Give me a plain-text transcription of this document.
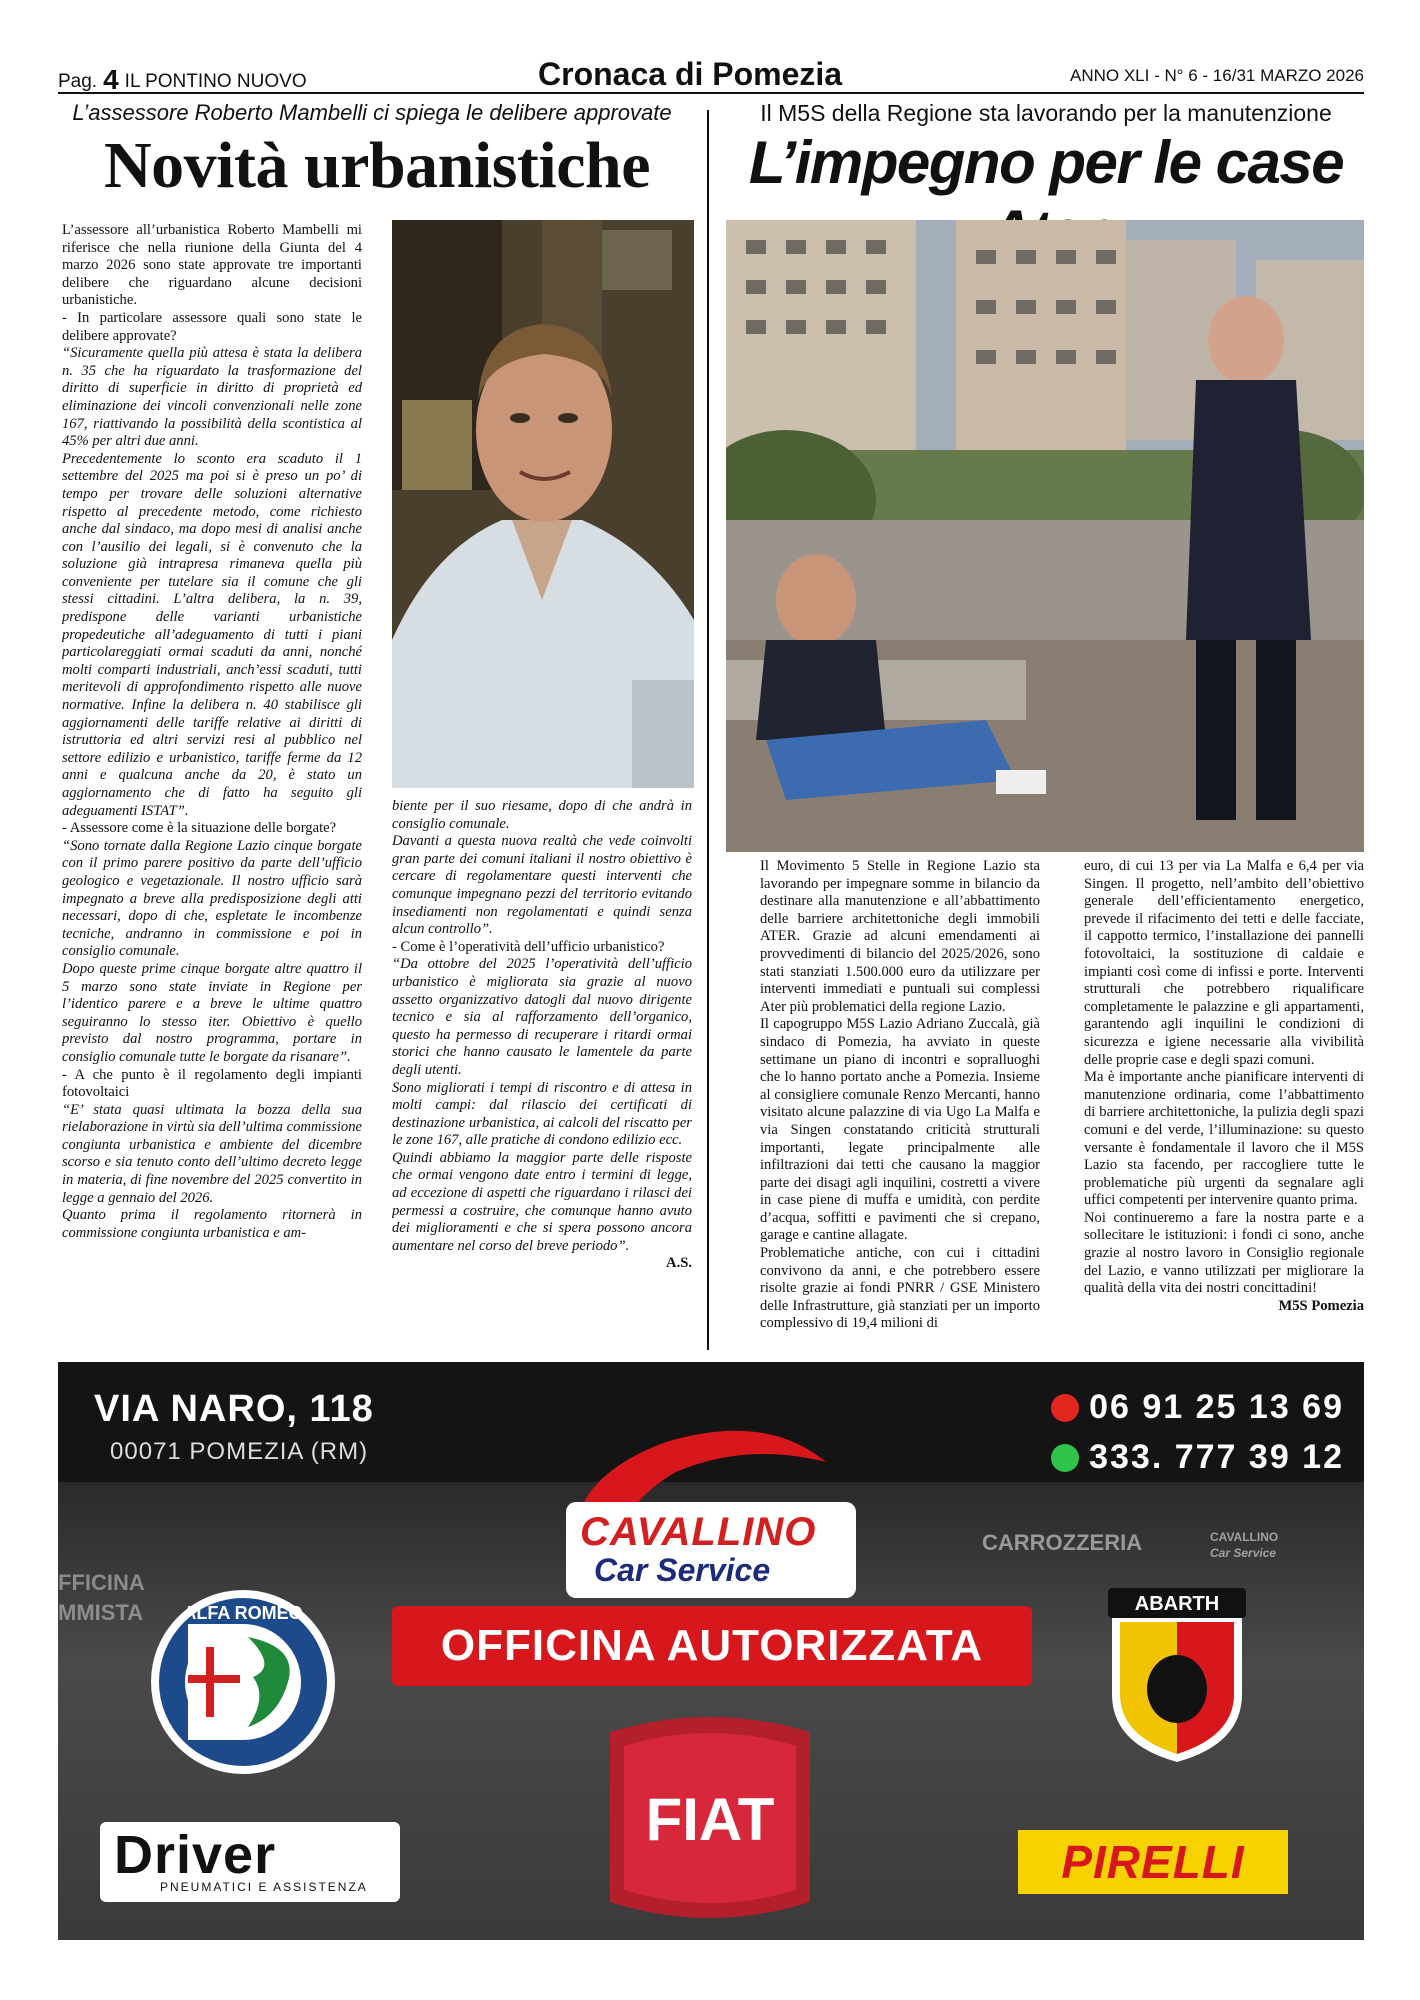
Pag. 4 IL PONTINO NUOVO	Cronaca di Pomezia	ANNO XLI - N° 6 - 16/31 MARZO 2026
L’assessore Roberto Mambelli ci spiega le delibere approvate
Novità urbanistiche

L’assessore all’urbanistica Roberto Mambelli mi riferisce che nella riunione della Giunta del 4 marzo 2026 sono state approvate tre importanti delibere che riguardano alcune decisioni urbanistiche.

- In particolare assessore quali sono state le delibere approvate?

“Sicuramente quella più attesa è stata la delibera n. 35 che ha riguardato la trasformazione del diritto di superficie in diritto di proprietà ed eliminazione dei vincoli convenzionali nelle zone 167, riattivando la possibilità della scontistica al 45% per altri due anni.

Precedentemente lo sconto era scaduto il 1 settembre del 2025 ma poi si è preso un po’ di tempo per trovare delle soluzioni alternative rispetto al precedente metodo, come richiesto anche dal sindaco, ma dopo mesi di analisi anche con l’ausilio dei legali, si è convenuto che la soluzione già intrapresa rimaneva quella più conveniente per tutelare sia il comune che gli stessi cittadini. L’altra delibera, la n. 39, predispone delle varianti urbanistiche propedeutiche all’adeguamento di tutti i piani particolareggiati ormai scaduti da anni, nonché molti comparti industriali, anch’essi scaduti, tutti meritevoli di approfondimento rispetto alle nuove normative. Infine la delibera n. 40 stabilisce gli aggiornamenti delle tariffe relative ai diritti di istruttoria ed altri servizi resi al pubblico nel settore edilizio e urbanistico, tariffe ferme da 12 anni e qualcuna anche da 20, è stato un aggiornamento che di fatto ha seguito gli adeguamenti ISTAT”.

- Assessore come è la situazione delle borgate?

“Sono tornate dalla Regione Lazio cinque borgate con il primo parere positivo da parte dell’ufficio geologico e vegetazionale. Il nostro ufficio sarà impegnato a breve alla predisposizione degli atti necessari, dopo di che, espletate le incombenze tecniche, andranno in commissione e poi in consiglio comunale.

Dopo queste prime cinque borgate altre quattro il 5 marzo sono state inviate in Regione per l’identico parere e a breve le ultime quattro seguiranno lo stesso iter. Obiettivo è quello previsto dal nostro programma, portare in consiglio comunale tutte le borgate da risanare”.

- A che punto è il regolamento degli impianti fotovoltaici

“E’ stata quasi ultimata la bozza della sua rielaborazione in virtù sia dell’ultima commissione congiunta urbanistica e ambiente del dicembre scorso e sia tenuto conto dell’ultimo decreto legge in materia, di fine novembre del 2025 convertito in legge a gennaio del 2026.

Quanto prima il regolamento ritornerà in commissione congiunta urbanistica e am-

biente per il suo riesame, dopo di che andrà in consiglio comunale.

Davanti a questa nuova realtà che vede coinvolti gran parte dei comuni italiani il nostro obiettivo è cercare di regolamentare questi interventi che comunque impegnano pezzi del territorio evitando insediamenti non regolamentati e quindi senza alcun controllo”.

- Come è l’operatività dell’ufficio urbanistico?

“Da ottobre del 2025 l’operatività dell’ufficio urbanistico è migliorata sia grazie al nuovo assetto organizzativo datogli dal nuovo dirigente tecnico e sia al rafforzamento dell’organico, questo ha permesso di recuperare i ritardi ormai storici che hanno causato le lamentele da parte degli utenti.

Sono migliorati i tempi di riscontro e di attesa in molti campi: dal rilascio dei certificati di destinazione urbanistica, ai calcoli del riscatto per le zone 167, alle pratiche di condono edilizio ecc.

Quindi abbiamo la maggior parte delle risposte che ormai vengono date entro i termini di legge, ad eccezione di aspetti che riguardano i rilasci dei permessi a costruire, che comunque hanno avuto dei miglioramenti e che si spera possono ancora aumentare nel corso del breve periodo”.

A.S.

Il M5S della Regione sta lavorando per la manutenzione
L’impegno per le case

Il Movimento 5 Stelle in Regione Lazio sta lavorando per impegnare somme in bilancio da destinare alla manutenzione e all’abbattimento delle barriere architettoniche degli immobili ATER. Grazie ad alcuni emendamenti ai provvedimenti di bilancio del 2025/2026, sono stati stanziati 1.500.000 euro da utilizzare per interventi immediati e puntuali sui complessi Ater più problematici della regione Lazio.

Il capogruppo M5S Lazio Adriano Zuccalà, già sindaco di Pomezia, ha avviato in queste settimane un piano di incontri e sopralluoghi che lo hanno portato anche a Pomezia. Insieme al consigliere comunale Renzo Mercanti, hanno visitato alcune palazzine di via Ugo La Malfa e via Singen constatando criticità strutturali importanti, legate principalmente alle infiltrazioni dai tetti che causano la maggior parte dei disagi agli inquilini, costretti a vivere in case piene di muffa e umidità, con perdite d’acqua, soffitti e pavimenti che si crepano, garage e cantine allagate.

Problematiche antiche, con cui i cittadini convivono da anni, e che potrebbero essere risolte grazie ai fondi PNRR / GSE Ministero delle Infrastrutture, già stanziati per un importo complessivo di 19,4 milioni di

euro, di cui 13 per via La Malfa e 6,4 per via Singen. Il progetto, nell’ambito dell’obiettivo generale dell’efficientamento energetico, prevede il rifacimento dei tetti e delle facciate, il cappotto termico, l’installazione dei pannelli fotovoltaici, la sostituzione di caldaie e impianti così come di infissi e porte. Interventi strutturali che potrebbero riqualificare completamente le palazzine e gli appartamenti, garantendo agli inquilini le condizioni di sicurezza e igiene necessarie alla vivibilità delle proprie case e degli spazi comuni.

Ma è importante anche pianificare interventi di manutenzione ordinaria, come l’abbattimento di barriere architettoniche, la pulizia degli spazi comuni e del verde, l’illuminazione: su questo versante è fondamentale il lavoro che il M5S Lazio sta facendo, per raccogliere tutte le problematiche più urgenti da segnalare agli uffici competenti per intervenire quanto prima.

Noi continueremo a fare la nostra parte e a sollecitare le istituzioni: i fondi ci sono, anche grazie al nostro lavoro in Consiglio regionale del Lazio, e vanno utilizzati per migliorare la qualità della vita dei nostri concittadini!

M5S Pomezia

FFICINA
MMISTA
CARROZZERIA	CAVALLINO
Car Service
VIA NARO, 118
00071 POMEZIA (RM)
06 91 25 13 69
333. 777 39 12
CAVALLINO
Car Service
OFFICINA AUTORIZZATA
ALFA ROMEO
FIAT
ABARTH
Driver
PNEUMATICI E ASSISTENZA	PIRELLI
